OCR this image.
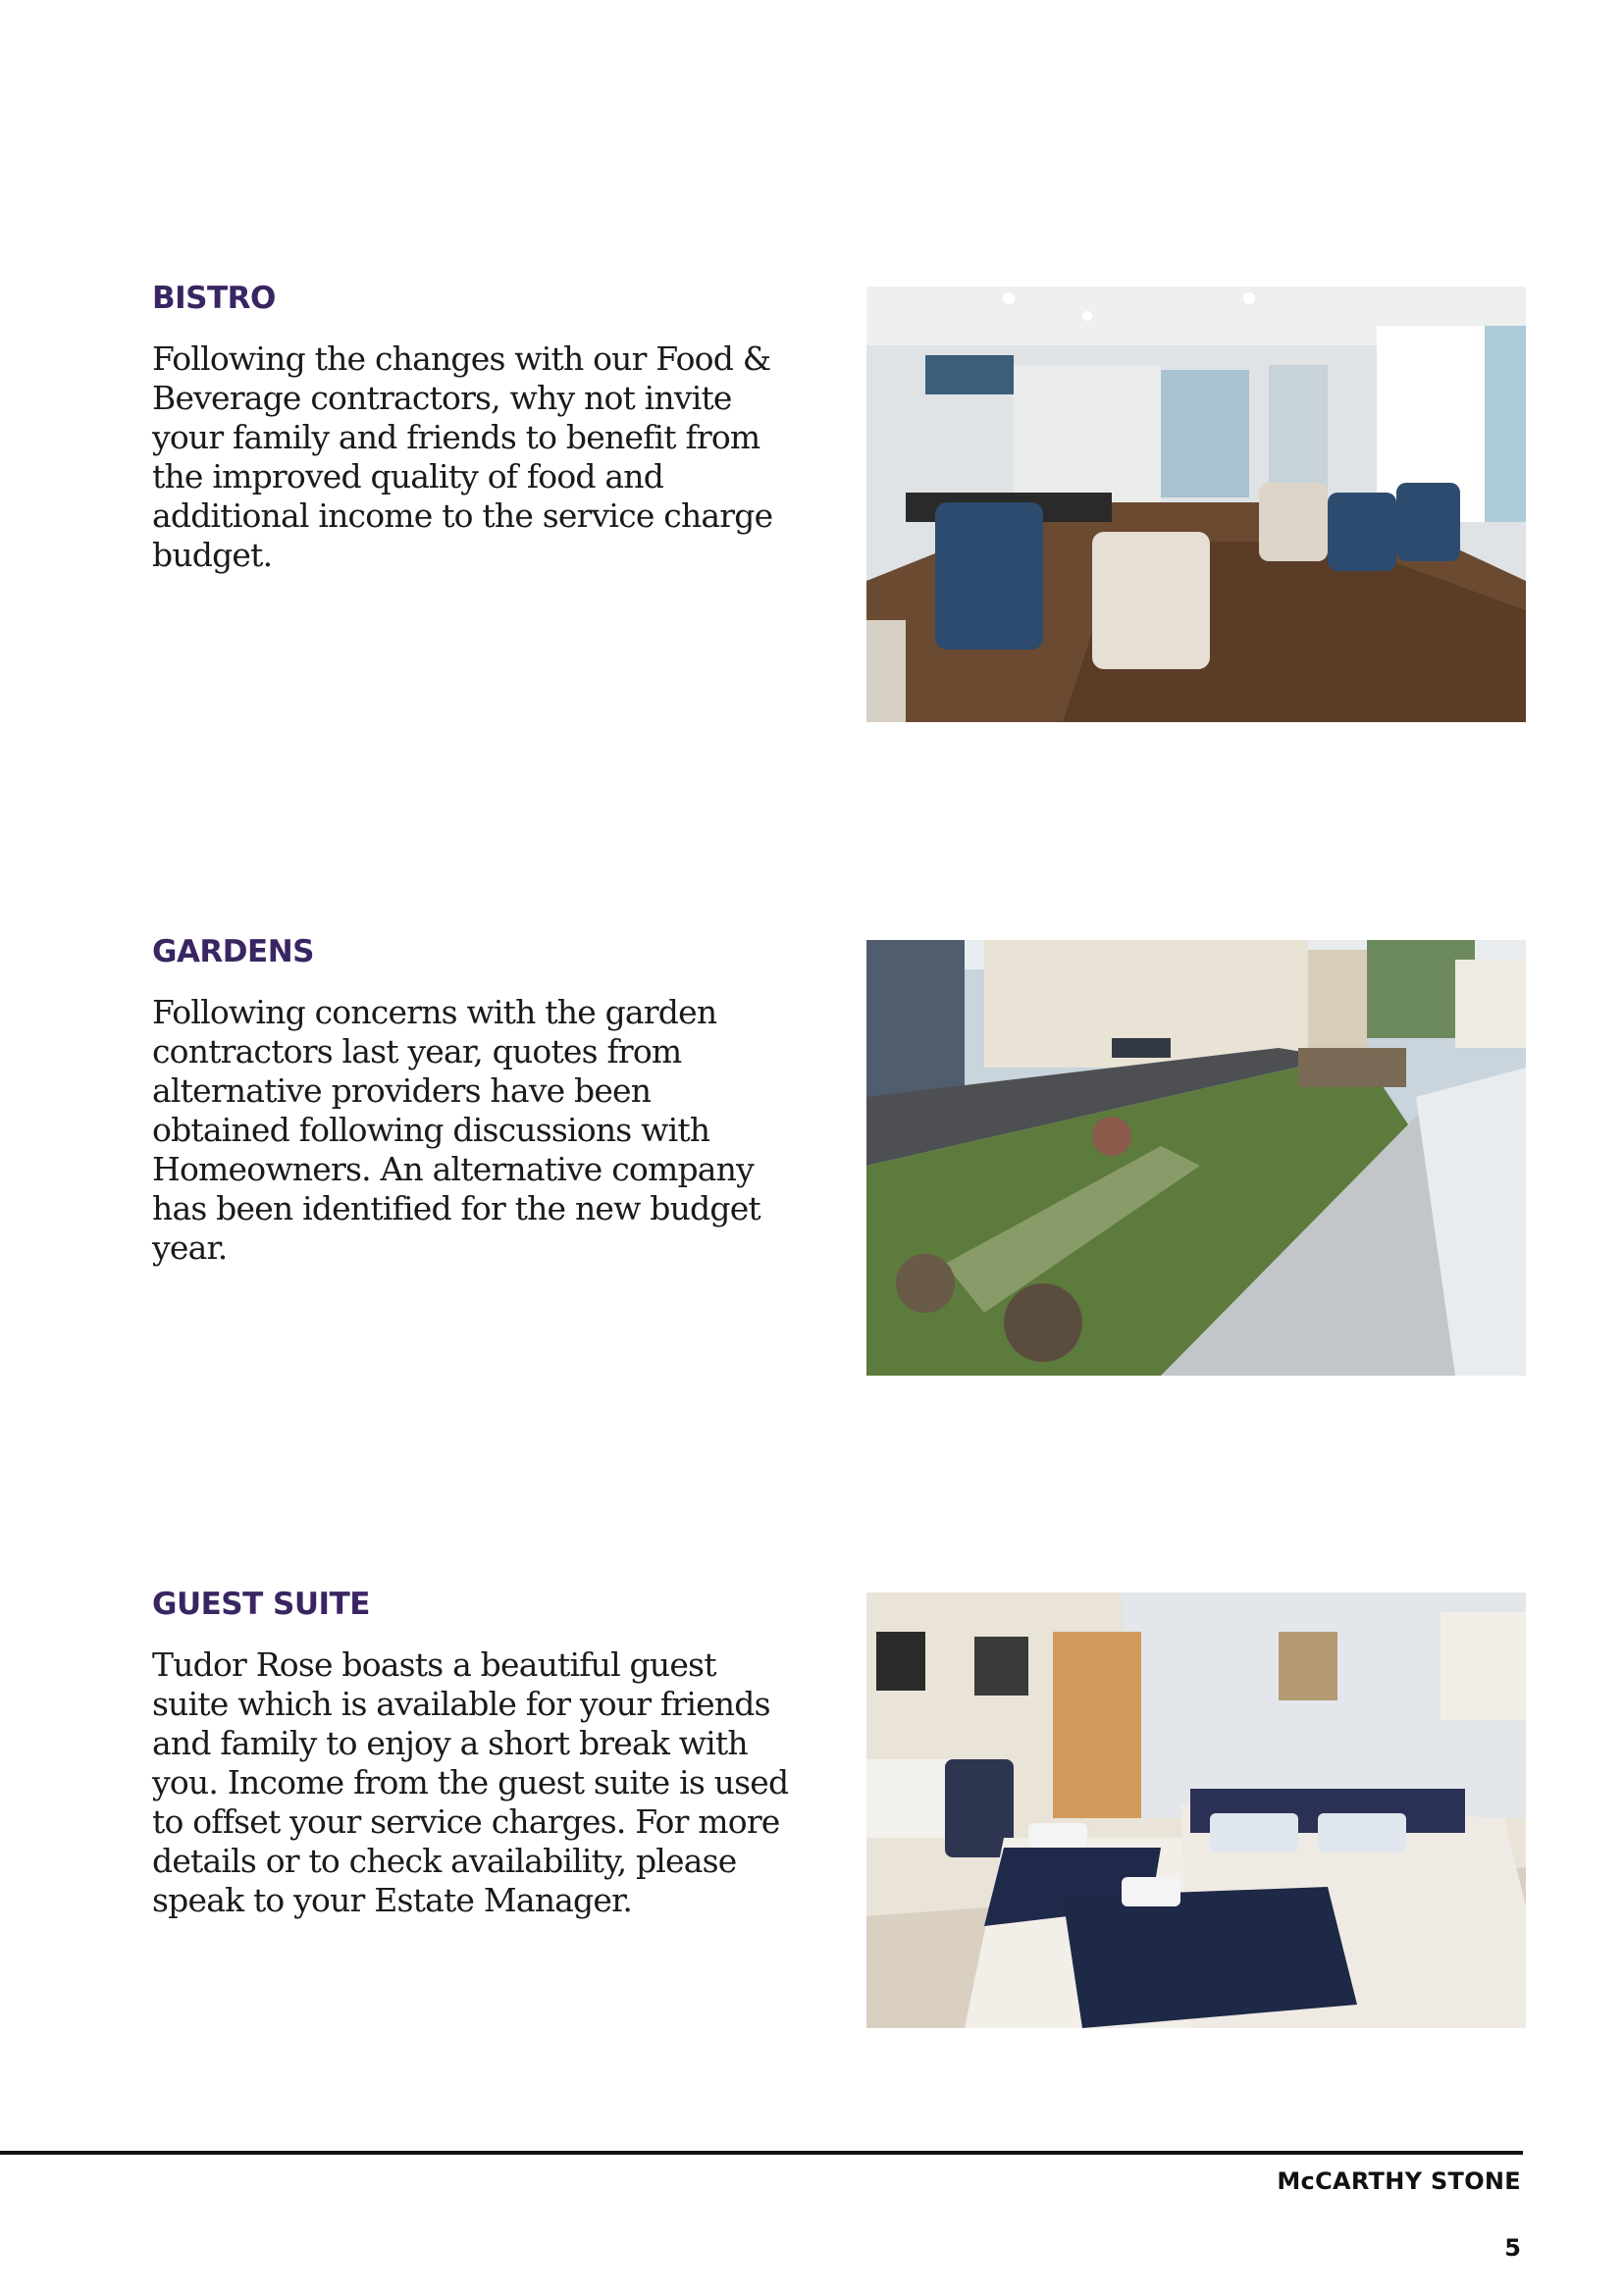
BISTRO

Following the changes with our Food & Beverage contractors, why not invite your family and friends to benefit from the improved quality of food and additional income to the service charge budget.

GARDENS

Following concerns with the garden contractors last year, quotes from alternative providers have been obtained following discussions with Homeowners. An alternative company has been identified for the new budget year.

GUEST SUITE

Tudor Rose boasts a beautiful guest suite which is available for your friends and family to enjoy a short break with you. Income from the guest suite is used to offset your service charges. For more details or to check availability, please speak to your Estate Manager.

McCARTHY STONE
5
